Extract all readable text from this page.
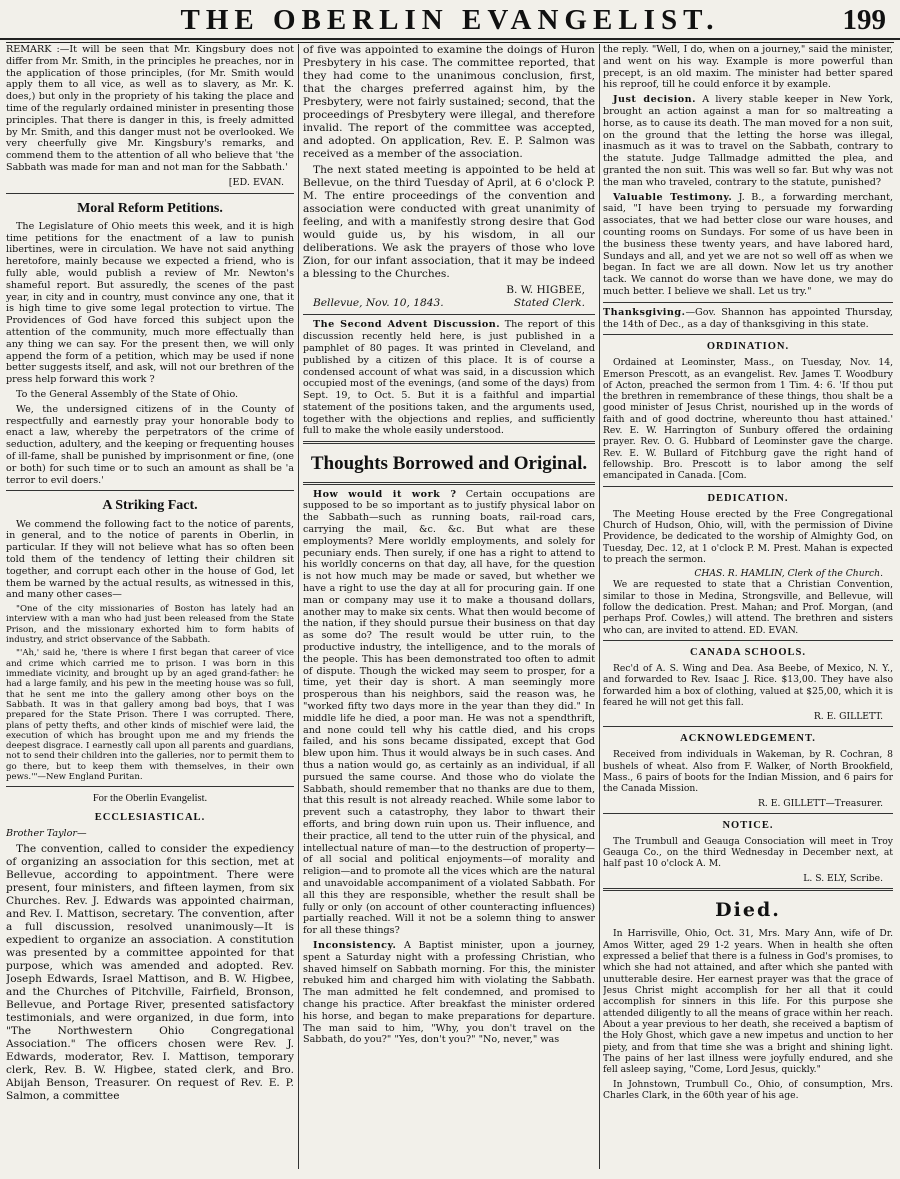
THE OBERLIN EVANGELIST.	199

REMARK :—It will be seen that Mr. Kingsbury does not differ from Mr. Smith, in the principles he preaches, nor in the application of those principles, (for Mr. Smith would apply them to all vice, as well as to slavery, as Mr. K. does,) but only in the propriety of his taking the place and time of the regularly ordained minister in presenting those principles. That there is danger in this, is freely admitted by Mr. Smith, and this danger must not be overlooked. We very cheerfully give Mr. Kingsbury's remarks, and commend them to the attention of all who believe that 'the Sabbath was made for man and not man for the Sabbath.'

[ED. EVAN.
Moral Reform Petitions.

The Legislature of Ohio meets this week, and it is high time petitions for the enactment of a law to punish libertines, were in circulation. We have not said anything heretofore, mainly because we expected a friend, who is fully able, would publish a review of Mr. Newton's shameful report. But assuredly, the scenes of the past year, in city and in country, must convince any one, that it is high time to give some legal protection to virtue. The Providences of God have forced this subject upon the attention of the community, much more effectually than any thing we can say. For the present then, we will only append the form of a petition, which may be used if none better suggests itself, and ask, will not our brethren of the press help forward this work ?

To the General Assembly of the State of Ohio.

We, the undersigned citizens of in the County of respectfully and earnestly pray your honorable body to enact a law, whereby the perpetrators of the crime of seduction, adultery, and the keeping or frequenting houses of ill-fame, shall be punished by imprisonment or fine, (one or both) for such time or to such an amount as shall be 'a terror to evil doers.'

A Striking Fact.

We commend the following fact to the notice of parents, in general, and to the notice of parents in Oberlin, in particular. If they will not believe what has so often been told them of the tendency of letting their children sit together, and corrupt each other in the house of God, let them be warned by the actual results, as witnessed in this, and many other cases—

"One of the city missionaries of Boston has lately had an interview with a man who had just been released from the State Prison, and the missionary exhorted him to form habits of industry, and strict observance of the Sabbath.

"'Ah,' said he, 'there is where I first began that career of vice and crime which carried me to prison. I was born in this immediate vicinity, and brought up by an aged grand-father: he had a large family, and his pew in the meeting house was so full, that he sent me into the gallery among other boys on the Sabbath. It was in that gallery among bad boys, that I was prepared for the State Prison. There I was corrupted. There, plans of petty thefts, and other kinds of mischief were laid, the execution of which has brought upon me and my friends the deepest disgrace. I earnestly call upon all parents and guardians, not to send their children into the galleries, nor to permit them to go there, but to keep them with themselves, in their own pews.'"—New England Puritan.

For the Oberlin Evangelist.
ECCLESIASTICAL.

Brother Taylor—

The convention, called to consider the expediency of organizing an association for this section, met at Bellevue, according to appointment. There were present, four ministers, and fifteen laymen, from six Churches. Rev. J. Edwards was appointed chairman, and Rev. I. Mattison, secretary. The convention, after a full discussion, resolved unanimously—It is expedient to organize an association. A constitution was presented by a committee appointed for that purpose, which was amended and adopted. Rev. Joseph Edwards, Israel Mattison, and B. W. Higbee, and the Churches of Pitchville, Fairfield, Bronson, Bellevue, and Portage River, presented satisfactory testimonials, and were organized, in due form, into "The Northwestern Ohio Congregational Association." The officers chosen were Rev. J. Edwards, moderator, Rev. I. Mattison, temporary clerk, Rev. B. W. Higbee, stated clerk, and Bro. Abijah Benson, Treasurer. On request of Rev. E. P. Salmon, a committee

of five was appointed to examine the doings of Huron Presbytery in his case. The committee reported, that they had come to the unanimous conclusion, first, that the charges preferred against him, by the Presbytery, were not fairly sustained; second, that the proceedings of Presbytery were illegal, and therefore invalid. The report of the committee was accepted, and adopted. On application, Rev. E. P. Salmon was received as a member of the association.

The next stated meeting is appointed to be held at Bellevue, on the third Tuesday of April, at 6 o'clock P. M. The entire proceedings of the convention and association were conducted with great unanimity of feeling, and with a manifestly strong desire that God would guide us, by his wisdom, in all our deliberations. We ask the prayers of those who love Zion, for our infant association, that it may be indeed a blessing to the Churches.

B. W. HIGBEE,
Bellevue, Nov. 10, 1843.	Stated Clerk.

The Second Advent Discussion. The report of this discussion recently held here, is just published in a pamphlet of 80 pages. It was printed in Cleveland, and published by a citizen of this place. It is of course a condensed account of what was said, in a discussion which occupied most of the evenings, (and some of the days) from Sept. 19, to Oct. 5. But it is a faithful and impartial statement of the positions taken, and the arguments used, together with the objections and replies, and sufficiently full to make the whole easily understood.

Thoughts Borrowed and Original.

How would it work ? Certain occupations are supposed to be so important as to justify physical labor on the Sabbath—such as running boats, rail-road cars, carrying the mail, &c. &c. But what are these employments? Mere worldly employments, and solely for pecuniary ends. Then surely, if one has a right to attend to his worldly concerns on that day, all have, for the question is not how much may be made or saved, but whether we have a right to use the day at all for procuring gain. If one man or company may use it to make a thousand dollars, another may to make six cents. What then would become of the nation, if they should pursue their business on that day as some do? The result would be utter ruin, to the productive industry, the intelligence, and to the morals of the people. This has been demonstrated too often to admit of dispute. Though the wicked may seem to prosper, for a time, yet their day is short. A man seemingly more prosperous than his neighbors, said the reason was, he "worked fifty two days more in the year than they did." In middle life he died, a poor man. He was not a spendthrift, and none could tell why his cattle died, and his crops failed, and his sons became dissipated, except that God blew upon him. Thus it would always be in such cases. And thus a nation would go, as certainly as an individual, if all pursued the same course. And those who do violate the Sabbath, should remember that no thanks are due to them, that this result is not already reached. While some labor to prevent such a catastrophy, they labor to thwart their efforts, and bring down ruin upon us. Their influence, and their practice, all tend to the utter ruin of the physical, and intellectual nature of man—to the destruction of property—of all social and political enjoyments—of morality and religion—and to promote all the vices which are the natural and unavoidable accompaniment of a violated Sabbath. For all this they are responsible, whether the result shall be fully or only (on account of other counteracting influences) partially reached. Will it not be a solemn thing to answer for all these things?

Inconsistency. A Baptist minister, upon a journey, spent a Saturday night with a professing Christian, who shaved himself on Sabbath morning. For this, the minister rebuked him and charged him with violating the Sabbath. The man admitted he felt condemned, and promised to change his practice. After breakfast the minister ordered his horse, and began to make preparations for departure. The man said to him, "Why, you don't travel on the Sabbath, do you?" "Yes, don't you?" "No, never," was

the reply. "Well, I do, when on a journey," said the minister, and went on his way. Example is more powerful than precept, is an old maxim. The minister had better spared his reproof, till he could enforce it by example.

Just decision. A livery stable keeper in New York, brought an action against a man for so maltreating a horse, as to cause its death. The man moved for a non suit, on the ground that the letting the horse was illegal, inasmuch as it was to travel on the Sabbath, contrary to the statute. Judge Tallmadge admitted the plea, and granted the non suit. This was well so far. But why was not the man who traveled, contrary to the statute, punished?

Valuable Testimony. J. B., a forwarding merchant, said, "I have been trying to persuade my forwarding associates, that we had better close our ware houses, and counting rooms on Sundays. For some of us have been in the business these twenty years, and have labored hard, Sundays and all, and yet we are not so well off as when we began. In fact we are all down. Now let us try another tack. We cannot do worse than we have done, we may do much better. I believe we shall. Let us try."

Thanksgiving.—Gov. Shannon has appointed Thursday, the 14th of Dec., as a day of thanksgiving in this state.

ORDINATION.

Ordained at Leominster, Mass., on Tuesday, Nov. 14, Emerson Prescott, as an evangelist. Rev. James T. Woodbury of Acton, preached the sermon from 1 Tim. 4: 6. 'If thou put the brethren in remembrance of these things, thou shalt be a good minister of Jesus Christ, nourished up in the words of faith and of good doctrine, whereunto thou hast attained.' Rev. E. W. Harrington of Sunbury offered the ordaining prayer. Rev. O. G. Hubbard of Leominster gave the charge. Rev. E. W. Bullard of Fitchburg gave the right hand of fellowship. Bro. Prescott is to labor among the self emancipated in Canada. [Com.

DEDICATION.

The Meeting House erected by the Free Congregational Church of Hudson, Ohio, will, with the permission of Divine Providence, be dedicated to the worship of Almighty God, on Tuesday, Dec. 12, at 1 o'clock P. M. Prest. Mahan is expected to preach the sermon.

CHAS. R. HAMLIN, Clerk of the Church.

We are requested to state that a Christian Convention, similar to those in Medina, Strongsville, and Bellevue, will follow the dedication. Prest. Mahan; and Prof. Morgan, (and perhaps Prof. Cowles,) will attend. The brethren and sisters who can, are invited to attend. ED. EVAN.

CANADA SCHOOLS.

Rec'd of A. S. Wing and Dea. Asa Beebe, of Mexico, N. Y., and forwarded to Rev. Isaac J. Rice. $13,00. They have also forwarded him a box of clothing, valued at $25,00, which it is feared he will not get this fall.

R. E. GILLETT.
ACKNOWLEDGEMENT.

Received from individuals in Wakeman, by R. Cochran, 8 bushels of wheat. Also from F. Walker, of North Brookfield, Mass., 6 pairs of boots for the Indian Mission, and 6 pairs for the Canada Mission.

R. E. GILLETT—Treasurer.
NOTICE.

The Trumbull and Geauga Consociation will meet in Troy Geauga Co., on the third Wednesday in December next, at half past 10 o'clock A. M.

L. S. ELY, Scribe.
Died.

In Harrisville, Ohio, Oct. 31, Mrs. Mary Ann, wife of Dr. Amos Witter, aged 29 1-2 years. When in health she often expressed a belief that there is a fulness in God's promises, to which she had not attained, and after which she panted with unutterable desire. Her earnest prayer was that the grace of Jesus Christ might accomplish for her all that it could accomplish for sinners in this life. For this purpose she attended diligently to all the means of grace within her reach. About a year previous to her death, she received a baptism of the Holy Ghost, which gave a new impetus and unction to her piety, and from that time she was a bright and shining light. The pains of her last illness were joyfully endured, and she fell asleep saying, "Come, Lord Jesus, quickly."

In Johnstown, Trumbull Co., Ohio, of consumption, Mrs. Charles Clark, in the 60th year of his age.
